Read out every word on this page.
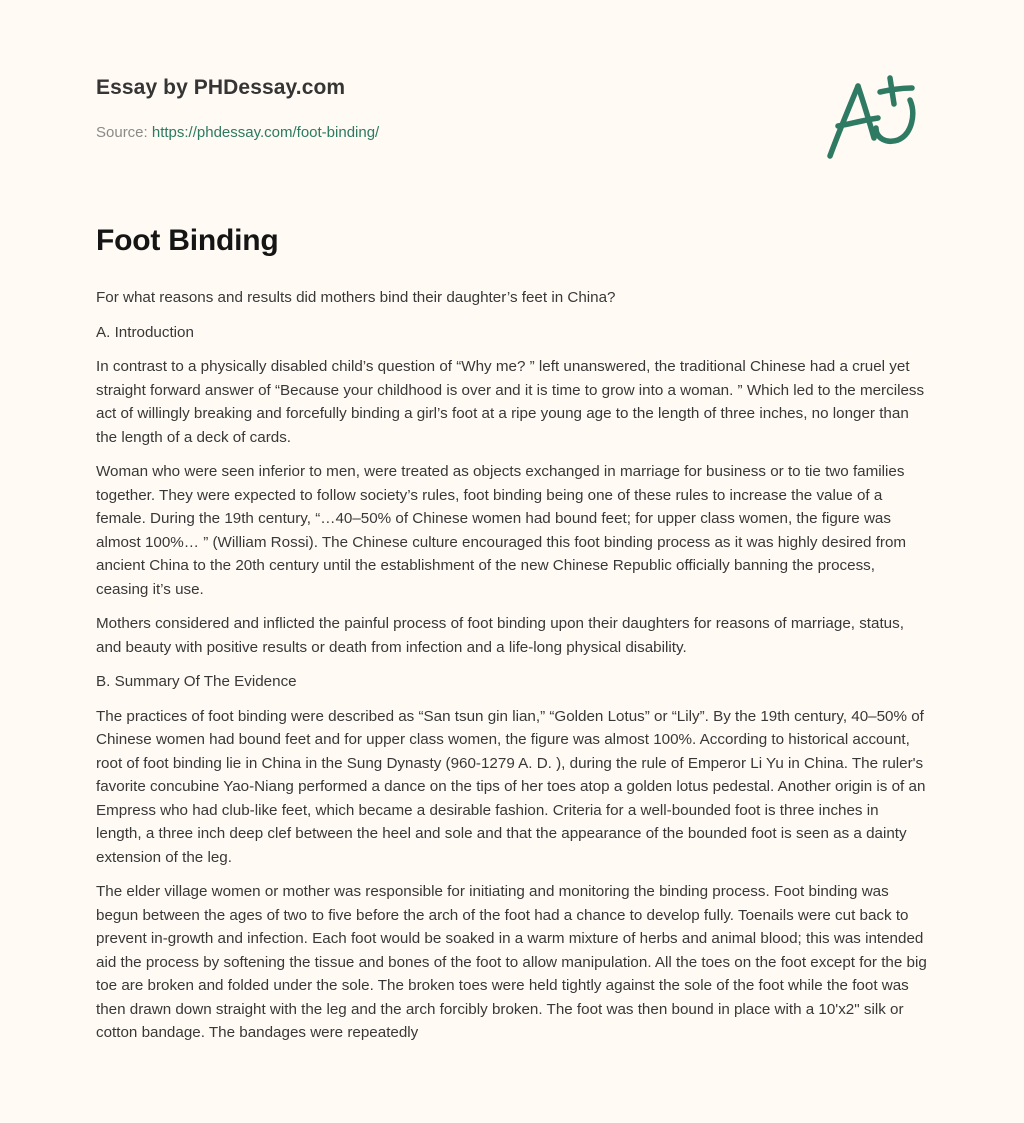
Essay by PHDessay.com
Source: https://phdessay.com/foot-binding/
Foot Binding

For what reasons and results did mothers bind their daughter’s feet in China?

A. Introduction

In contrast to a physically disabled child’s question of “Why me? ” left unanswered, the traditional Chinese had a cruel yet straight forward answer of “Because your childhood is over and it is time to grow into a woman. ” Which led to the merciless act of willingly breaking and forcefully binding a girl’s foot at a ripe young age to the length of three inches, no longer than the length of a deck of cards.

Woman who were seen inferior to men, were treated as objects exchanged in marriage for business or to tie two families together. They were expected to follow society’s rules, foot binding being one of these rules to increase the value of a female. During the 19th century, “…40–50% of Chinese women had bound feet; for upper class women, the figure was almost 100%… ” (William Rossi). The Chinese culture encouraged this foot binding process as it was highly desired from ancient China to the 20th century until the establishment of the new Chinese Republic officially banning the process, ceasing it’s use.

Mothers considered and inflicted the painful process of foot binding upon their daughters for reasons of marriage, status, and beauty with positive results or death from infection and a life-long physical disability.

B. Summary Of The Evidence

The practices of foot binding were described as “San tsun gin lian,” “Golden Lotus” or “Lily”. By the 19th century, 40–50% of Chinese women had bound feet and for upper class women, the figure was almost 100%. According to historical account, root of foot binding lie in China in the Sung Dynasty (960-1279 A. D. ), during the rule of Emperor Li Yu in China. The ruler's favorite concubine Yao-Niang performed a dance on the tips of her toes atop a golden lotus pedestal. Another origin is of an Empress who had club-like feet, which became a desirable fashion. Criteria for a well-bounded foot is three inches in length, a three inch deep clef between the heel and sole and that the appearance of the bounded foot is seen as a dainty extension of the leg.

The elder village women or mother was responsible for initiating and monitoring the binding process. Foot binding was begun between the ages of two to five before the arch of the foot had a chance to develop fully. Toenails were cut back to prevent in-growth and infection. Each foot would be soaked in a warm mixture of herbs and animal blood; this was intended aid the process by softening the tissue and bones of the foot to allow manipulation. All the toes on the foot except for the big toe are broken and folded under the sole. The broken toes were held tightly against the sole of the foot while the foot was then drawn down straight with the leg and the arch forcibly broken. The foot was then bound in place with a 10'x2" silk or cotton bandage. The bandages were repeatedly
